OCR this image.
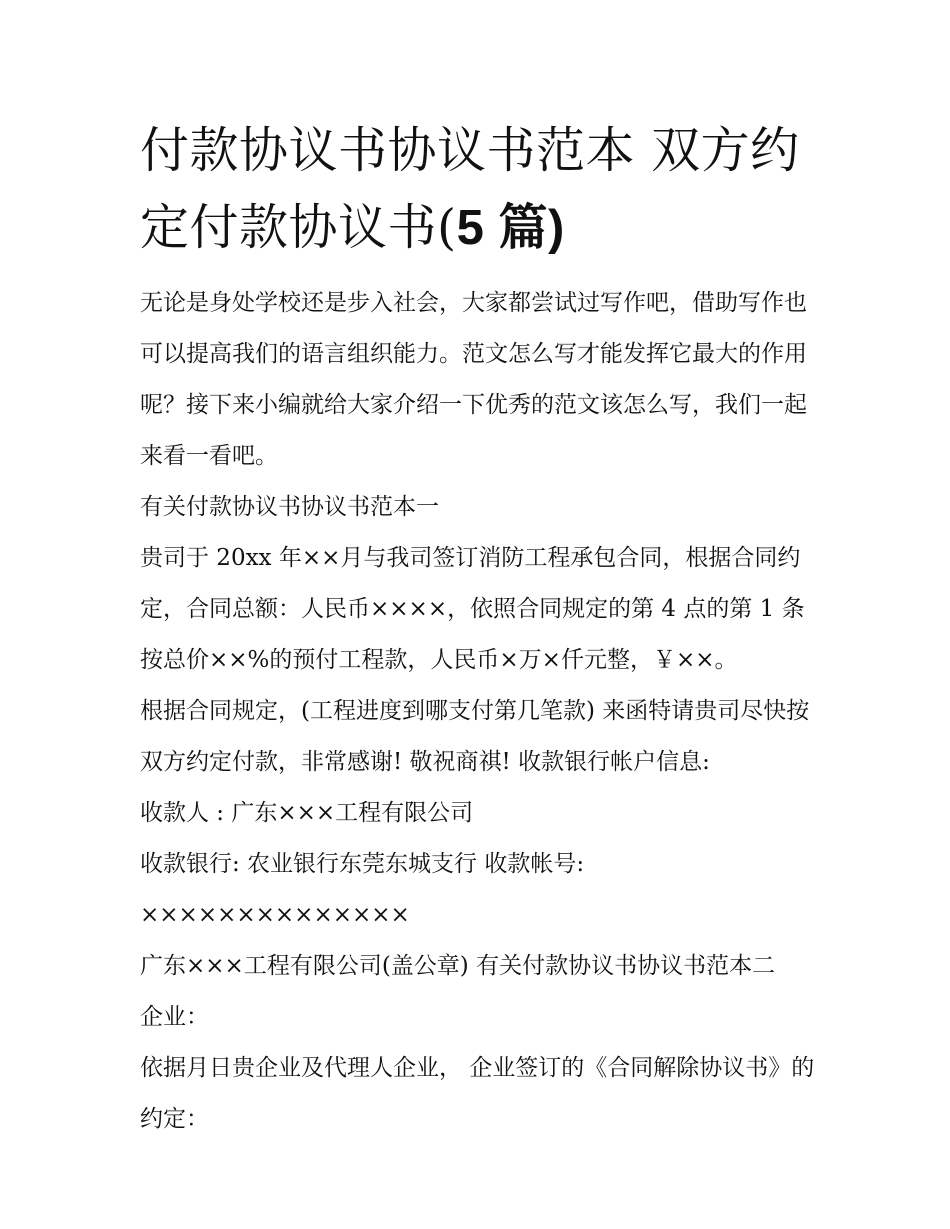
付款协议书协议书范本 双方约定付款协议书(5 篇)

无论是身处学校还是步入社会，大家都尝试过写作吧，借助写作也可以提高我们的语言组织能力。范文怎么写才能发挥它最大的作用呢？接下来小编就给大家介绍一下优秀的范文该怎么写，我们一起来看一看吧。

有关付款协议书协议书范本一

贵司于 20xx 年××月与我司签订消防工程承包合同，根据合同约定，合同总额：人民币××××，依照合同规定的第 4 点的第 1 条按总价××%的预付工程款，人民币×万×仟元整，￥××。

根据合同规定，(工程进度到哪支付第几笔款) 来函特请贵司尽快按双方约定付款，非常感谢! 敬祝商祺! 收款银行帐户信息:

收款人 : 广东×××工程有限公司

收款银行: 农业银行东莞东城支行 收款帐号: ××××××××××××××

广东×××工程有限公司(盖公章) 有关付款协议书协议书范本二

企业：

依据月日贵企业及代理人企业， 企业签订的《合同解除协议书》的约定：
